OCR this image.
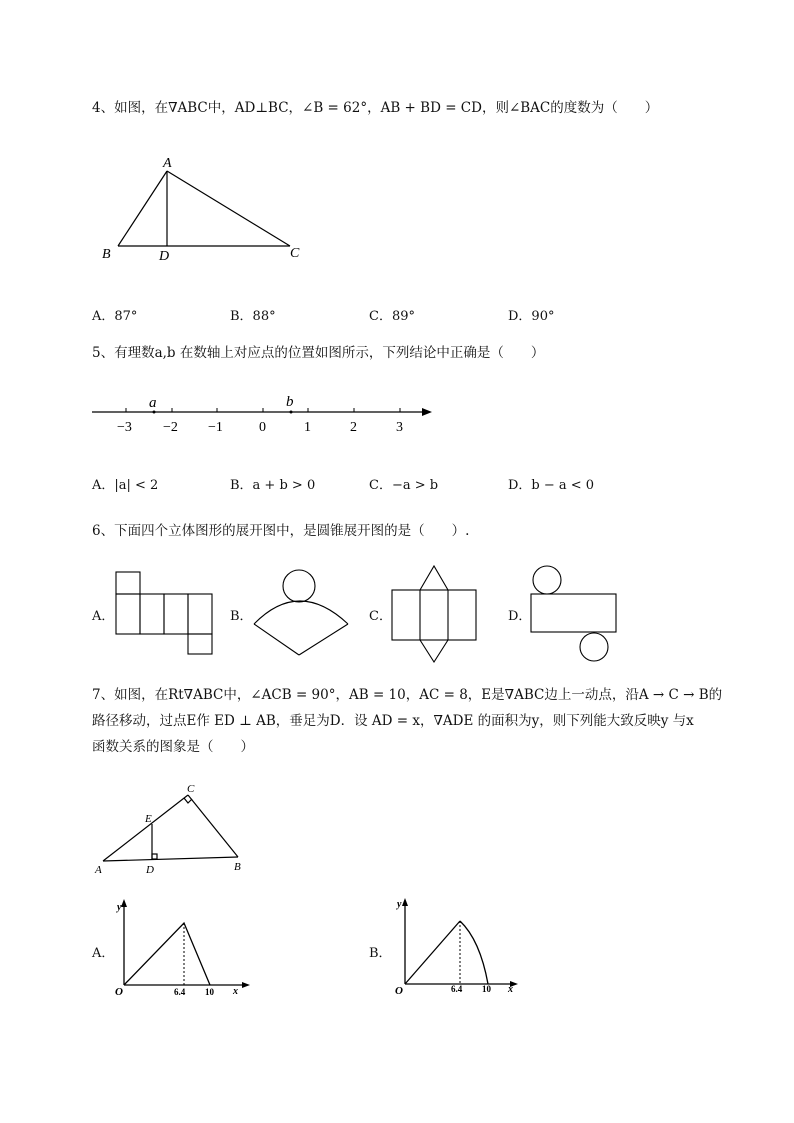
4、如图，在∇ABC中，AD⊥BC，∠B = 62°，AB + BD = CD，则∠BAC的度数为（　　）
A
B	D	C
A．87°	B．88°	C．89°	D．90°
5、有理数a,b 在数轴上对应点的位置如图所示，下列结论中正确是（　　）
a	b
−3 −2 −1	0	1	2	3
A．|a| < 2	B．a + b > 0	C．−a > b	D．b − a < 0
6、下面四个立体图形的展开图中，是圆锥展开图的是（　　）.
A．	B．	C．	D．
7、如图，在Rt∇ABC中，∠ACB = 90°，AB = 10，AC = 8，E是∇ABC边上一动点，沿A → C → B的
路径移动，过点E作 ED ⊥ AB，垂足为D．设 AD = x，∇ADE 的面积为y，则下列能大致反映y 与x
函数关系的图象是（　　）
C
E
A	D	B
A．
y
x
O	6.4 10
B．
y
x
O	6.4 10
